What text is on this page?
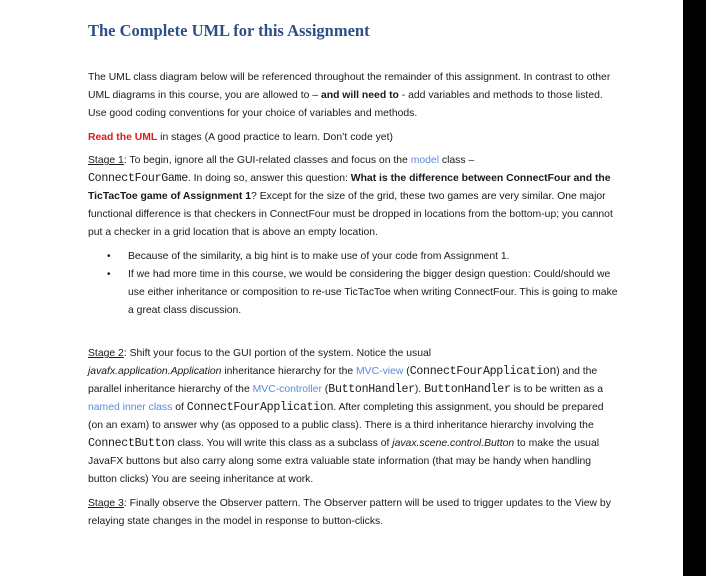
The Complete UML for this Assignment

The UML class diagram below will be referenced throughout the remainder of this assignment. In contrast to other UML diagrams in this course, you are allowed to – and will need to - add variables and methods to those listed. Use good coding conventions for your choice of variables and methods.

Read the UML in stages (A good practice to learn. Don’t code yet)

Stage 1: To begin, ignore all the GUI-related classes and focus on the model class –
ConnectFourGame. In doing so, answer this question: What is the difference between ConnectFour and the TicTacToe game of Assignment 1? Except for the size of the grid, these two games are very similar. One major functional difference is that checkers in ConnectFour must be dropped in locations from the bottom-up; you cannot put a checker in a grid location that is above an empty location.

• Because of the similarity, a big hint is to make use of your code from Assignment 1.
• If we had more time in this course, we would be considering the bigger design question: Could/should we use either inheritance or composition to re-use TicTacToe when writing ConnectFour. This is going to make a great class discussion.

Stage 2: Shift your focus to the GUI portion of the system. Notice the usual
javafx.application.Application inheritance hierarchy for the MVC-view (ConnectFourApplication) and the parallel inheritance hierarchy of the MVC-controller (ButtonHandler). ButtonHandler is to be written as a named inner class of ConnectFourApplication. After completing this assignment, you should be prepared (on an exam) to answer why (as opposed to a public class). There is a third inheritance hierarchy involving the ConnectButton class. You will write this class as a subclass of javax.scene.control.Button to make the usual JavaFX buttons but also carry along some extra valuable state information (that may be handy when handling button clicks) You are seeing inheritance at work.

Stage 3: Finally observe the Observer pattern. The Observer pattern will be used to trigger updates to the View by relaying state changes in the model in response to button-clicks.
